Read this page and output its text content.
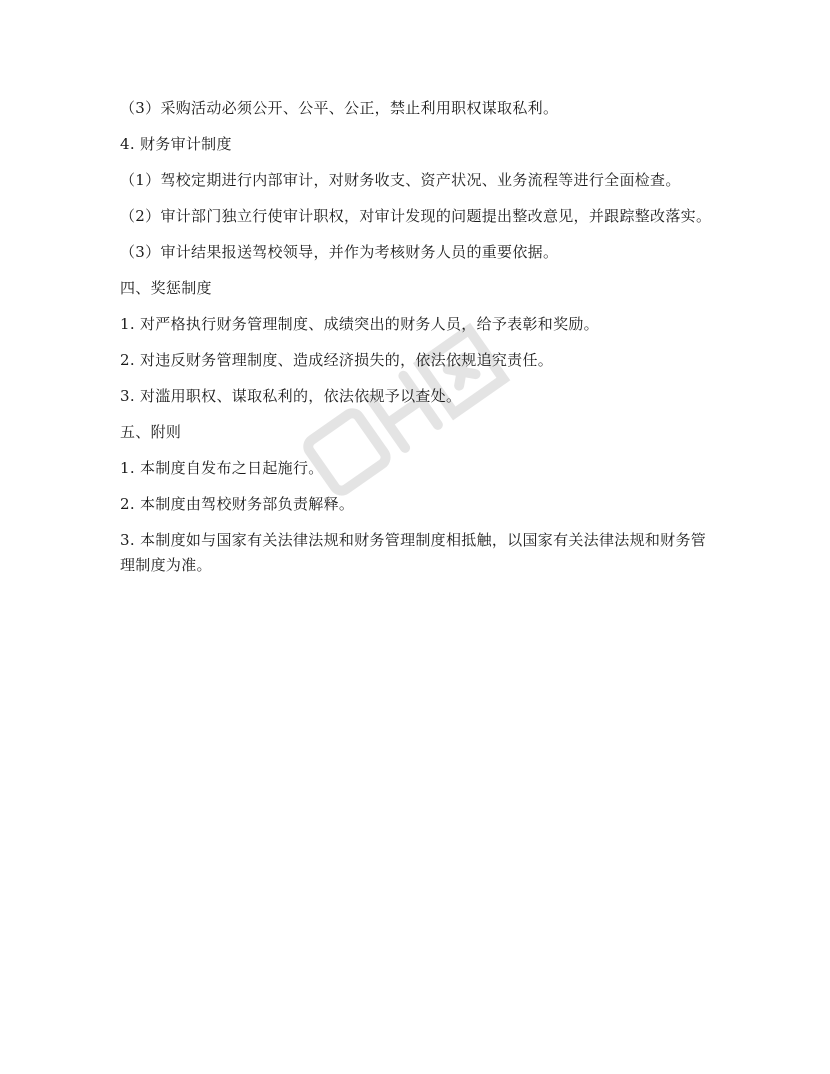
（3）采购活动必须公开、公平、公正，禁止利用职权谋取私利。

4. 财务审计制度

（1）驾校定期进行内部审计，对财务收支、资产状况、业务流程等进行全面检查。

（2）审计部门独立行使审计职权，对审计发现的问题提出整改意见，并跟踪整改落实。

（3）审计结果报送驾校领导，并作为考核财务人员的重要依据。

四、奖惩制度

1. 对严格执行财务管理制度、成绩突出的财务人员，给予表彰和奖励。

2. 对违反财务管理制度、造成经济损失的，依法依规追究责任。

3. 对滥用职权、谋取私利的，依法依规予以查处。

五、附则

1. 本制度自发布之日起施行。

2. 本制度由驾校财务部负责解释。

3. 本制度如与国家有关法律法规和财务管理制度相抵触，以国家有关法律法规和财务管理制度为准。
